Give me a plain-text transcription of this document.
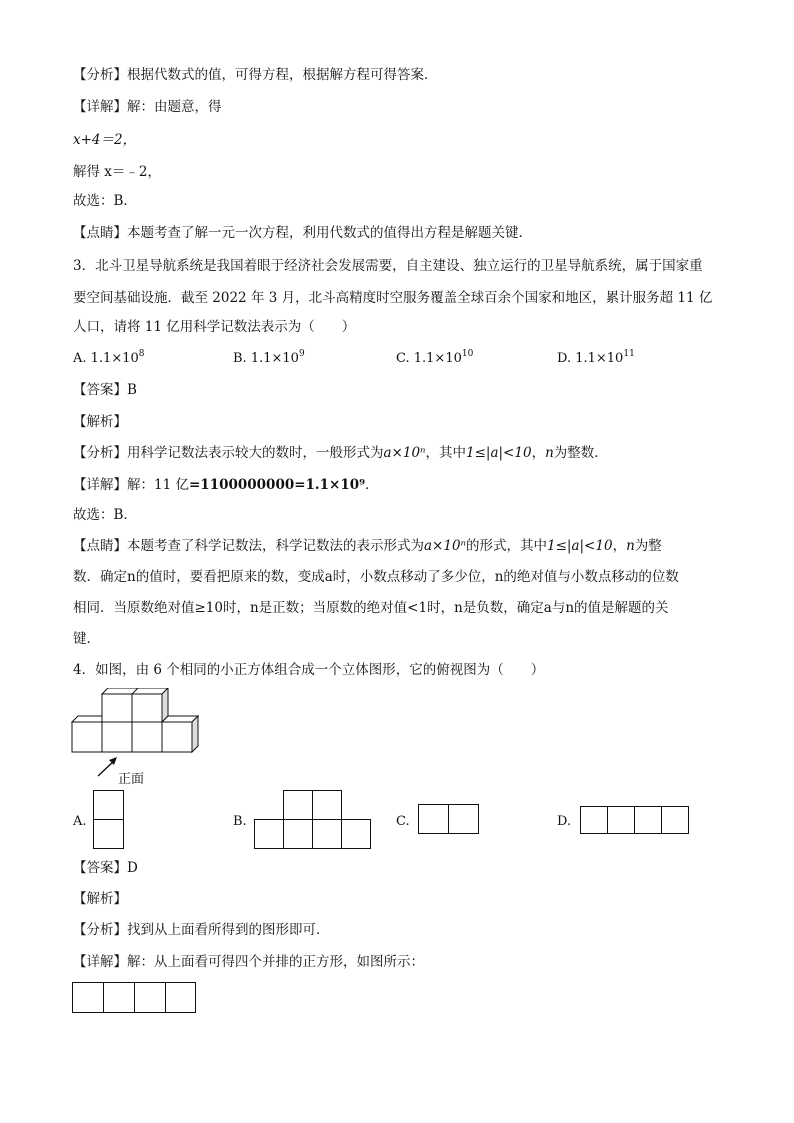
【分析】根据代数式的值，可得方程，根据解方程可得答案．
【详解】解：由题意，得
x+4＝2，
解得 x＝﹣2，
故选：B．
【点睛】本题考查了解一元一次方程，利用代数式的值得出方程是解题关键．
3．北斗卫星导航系统是我国着眼于经济社会发展需要，自主建设、独立运行的卫星导航系统，属于国家重
要空间基础设施．截至 2022 年 3 月，北斗高精度时空服务覆盖全球百余个国家和地区，累计服务超 11 亿
人口，请将 11 亿用科学记数法表示为（　　）
A. $1.1\times 10^8$	B. $1.1\times 10^9$	C. $1.1\times 10^{10}$	D. $1.1\times 10^{11}$
【答案】B
【解析】
【分析】用科学记数法表示较大的数时，一般形式为a×10ⁿ，其中1≤|a|<10，n为整数．
【详解】解：11 亿=1100000000=1.1×10⁹．
故选：B．
【点睛】本题考查了科学记数法，科学记数法的表示形式为a×10ⁿ的形式，其中1≤|a|<10，n为整
数．确定n的值时，要看把原来的数，变成a时，小数点移动了多少位，n的绝对值与小数点移动的位数
相同．当原数绝对值≥10时，n是正数；当原数的绝对值<1时，n是负数，确定a与n的值是解题的关
键．
4．如图，由 6 个相同的小正方体组合成一个立体图形，它的俯视图为（　　）
正面
A.	B.	C.	D.
【答案】D
【解析】
【分析】找到从上面看所得到的图形即可．
【详解】解：从上面看可得四个并排的正方形，如图所示：
